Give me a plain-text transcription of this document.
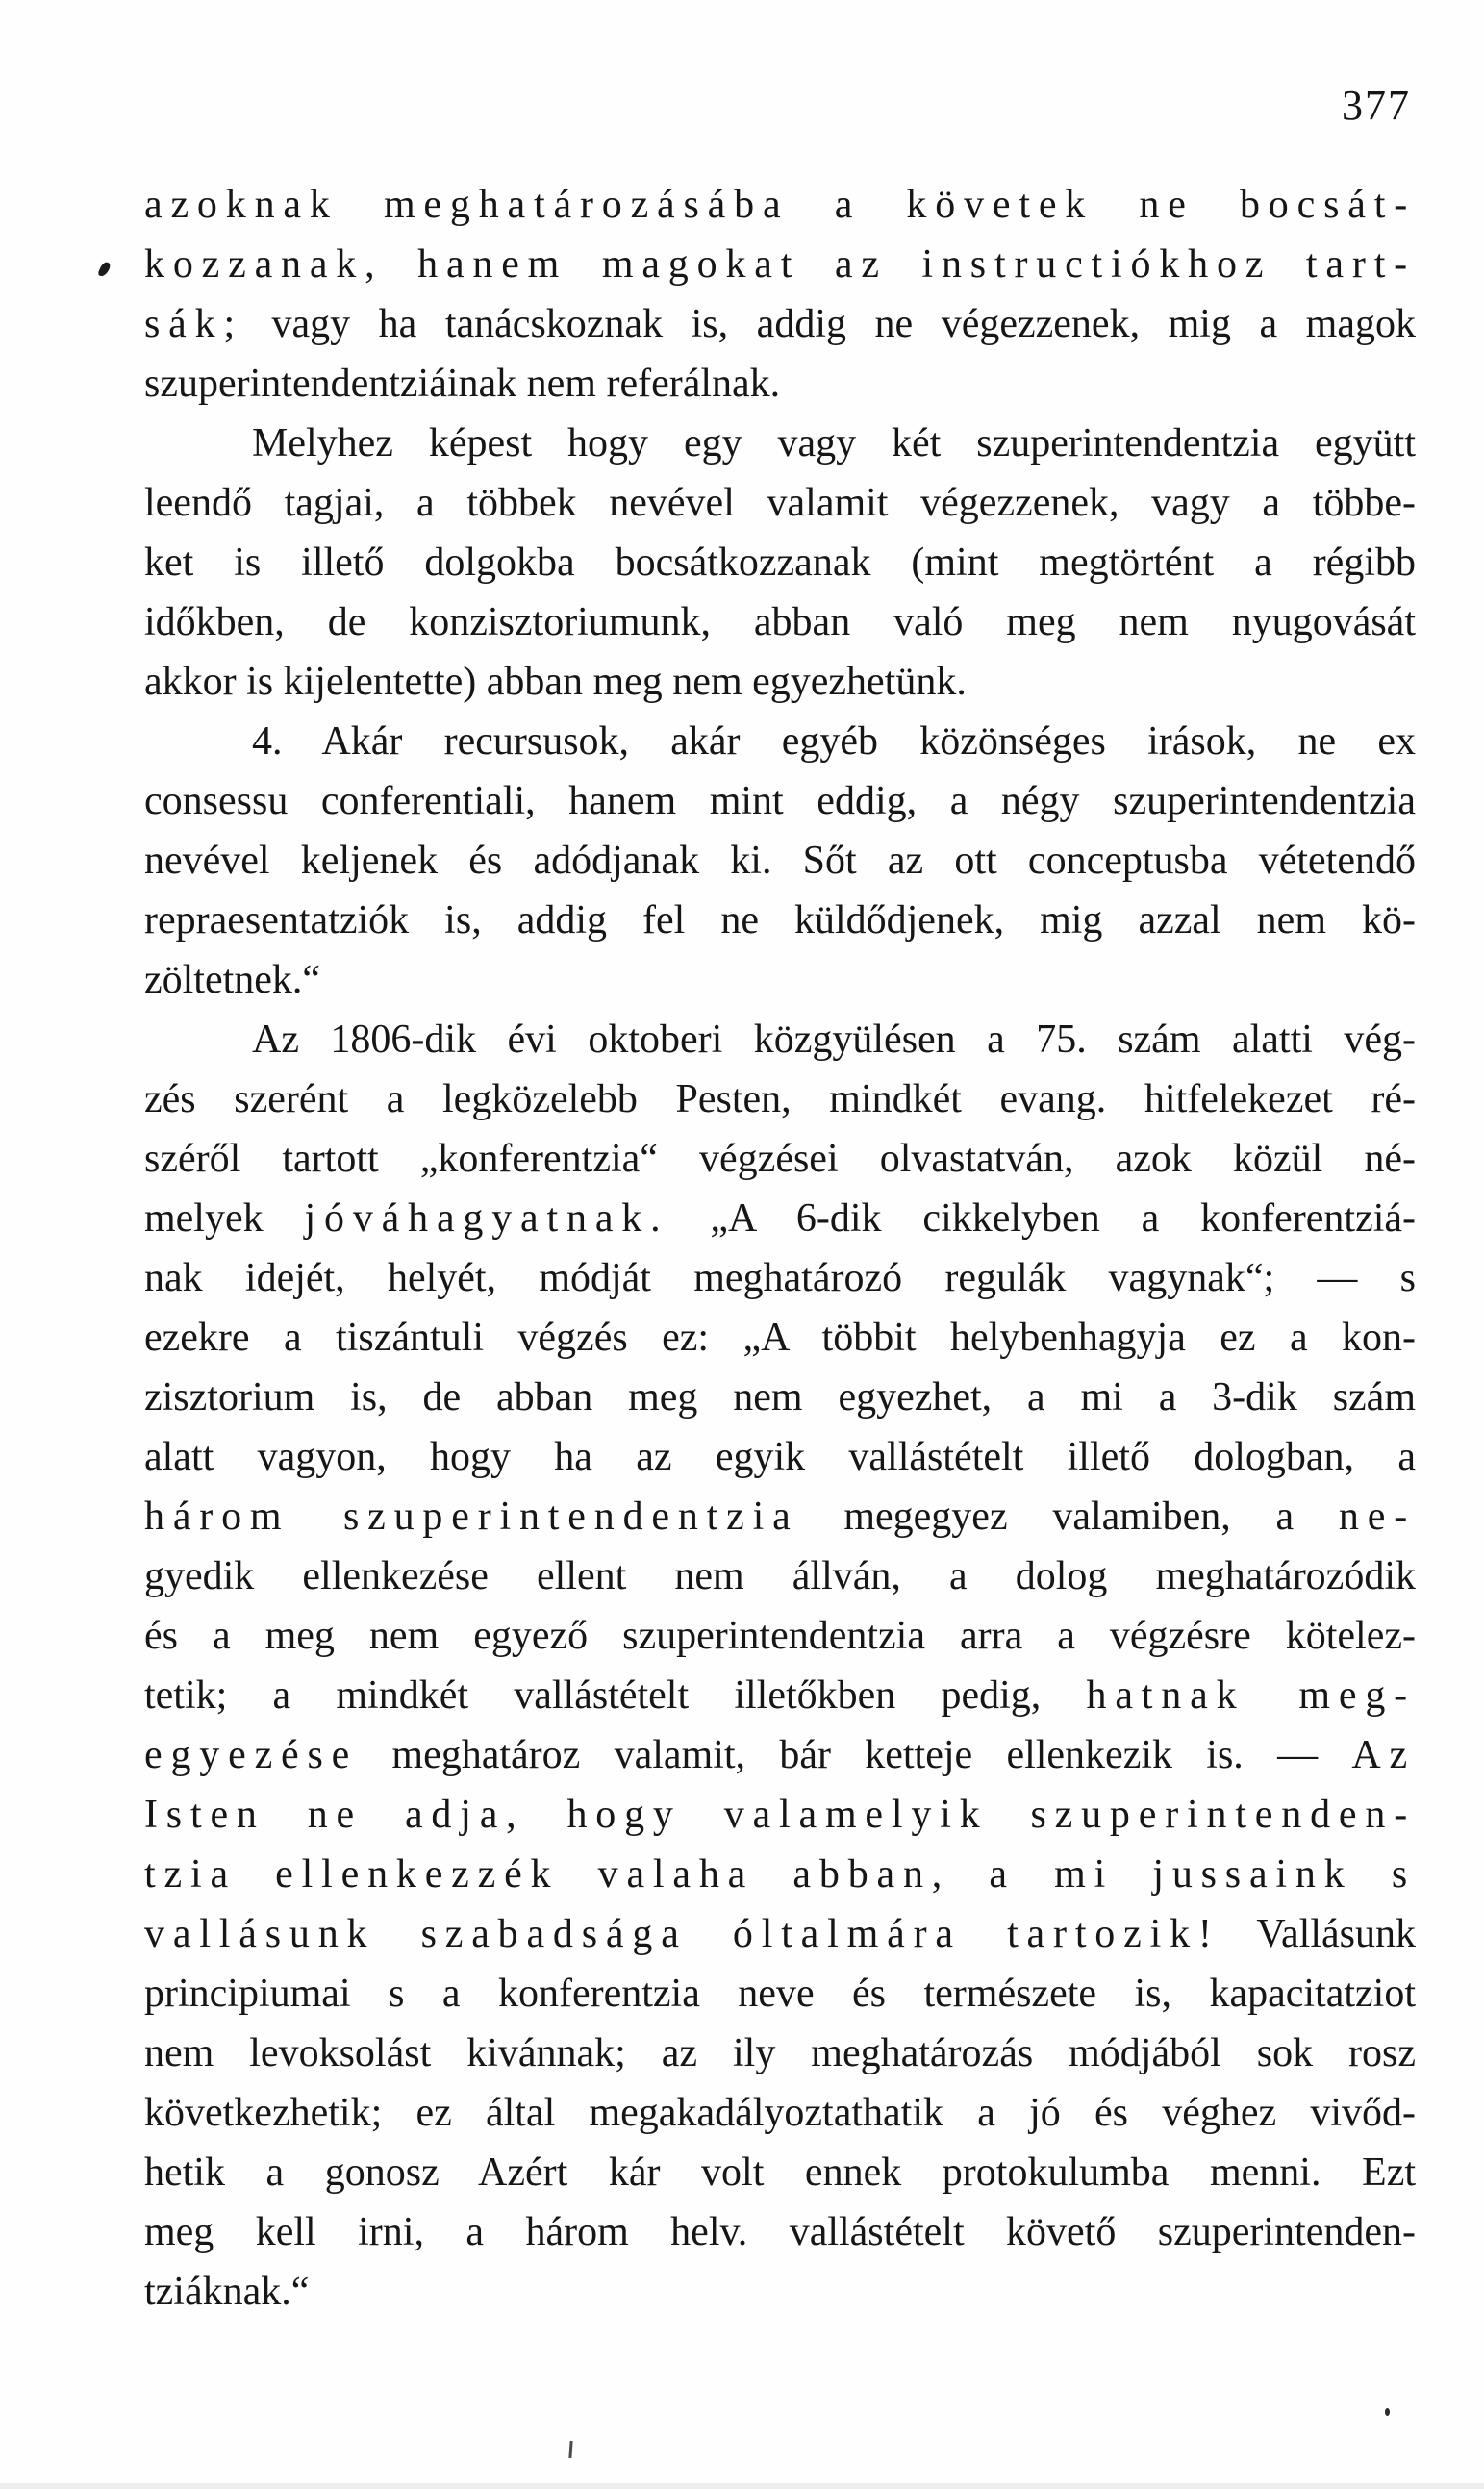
377
azoknak meghatározásába a követek ne bocsát-
kozzanak, hanem magokat az instructiókhoz tart-
sák; vagy ha tanácskoznak is, addig ne végezzenek, mig a magok
szuperintendentziáinak nem referálnak.
Melyhez képest hogy egy vagy két szuperintendentzia együtt
leendő tagjai, a többek nevével valamit végezzenek, vagy a többe-
ket is illető dolgokba bocsátkozzanak (mint megtörtént a régibb
időkben, de konzisztoriumunk, abban való meg nem nyugovását
akkor is kijelentette) abban meg nem egyezhetünk.
4. Akár recursusok, akár egyéb közönséges irások, ne ex
consessu conferentiali, hanem mint eddig, a négy szuperintendentzia
nevével keljenek és adódjanak ki. Sőt az ott conceptusba vétetendő
repraesentatziók is, addig fel ne küldődjenek, mig azzal nem kö-
zöltetnek.“
Az 1806-dik évi oktoberi közgyülésen a 75. szám alatti vég-
zés szerént a legközelebb Pesten, mindkét evang. hitfelekezet ré-
széről tartott „konferentzia“ végzései olvastatván, azok közül né-
melyek jóváhagyatnak. „A 6-dik cikkelyben a konferentziá-
nak idejét, helyét, módját meghatározó regulák vagynak“; — s
ezekre a tiszántuli végzés ez: „A többit helybenhagyja ez a kon-
zisztorium is, de abban meg nem egyezhet, a mi a 3-dik szám
alatt vagyon, hogy ha az egyik vallástételt illető dologban, a
három szuperintendentzia megegyez valamiben, a ne-
gyedik ellenkezése ellent nem állván, a dolog meghatározódik
és a meg nem egyező szuperintendentzia arra a végzésre kötelez-
tetik; a mindkét vallástételt illetőkben pedig, hatnak meg-
egyezése meghatároz valamit, bár ketteje ellenkezik is. — Az
Isten ne adja, hogy valamelyik szuperintenden-
tzia ellenkezzék valaha abban, a mi jussaink s
vallásunk szabadsága óltalmára tartozik! Vallásunk
principiumai s a konferentzia neve és természete is, kapacitatziot
nem levoksolást kivánnak; az ily meghatározás módjából sok rosz
következhetik; ez által megakadályoztathatik a jó és véghez vivőd-
hetik a gonosz Azért kár volt ennek protokulumba menni. Ezt
meg kell irni, a három helv. vallástételt követő szuperintenden-
tziáknak.“
